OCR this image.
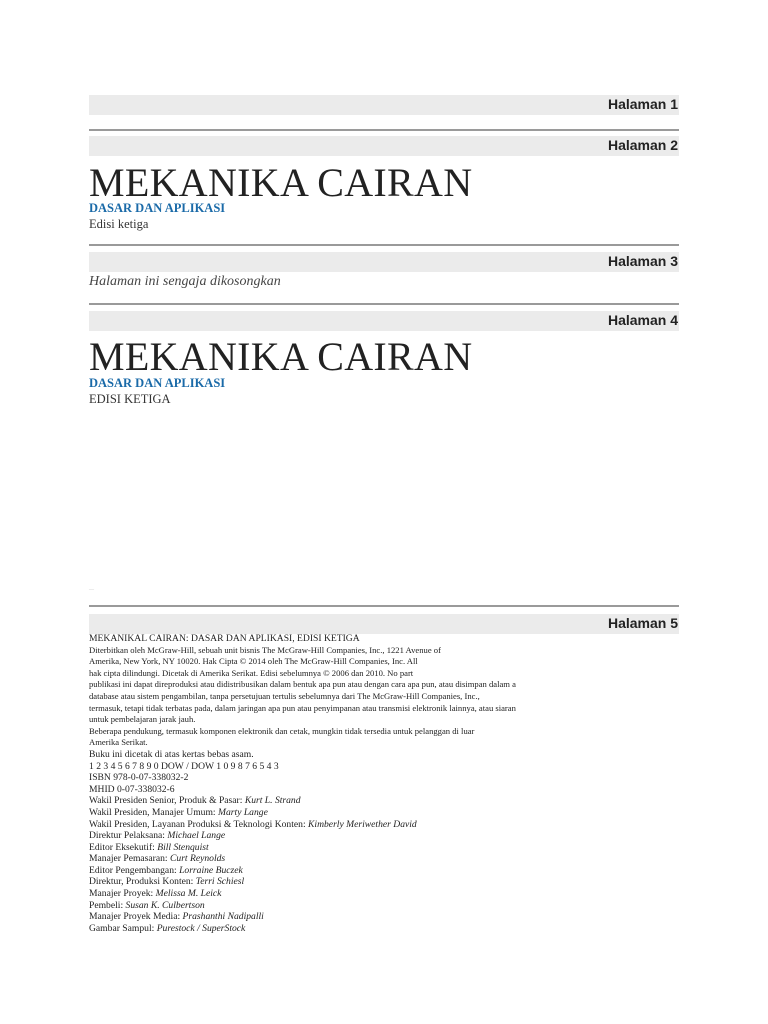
Halaman 1
Halaman 2
MEKANIKA CAIRAN
DASAR DAN APLIKASI
Edisi ketiga
Halaman 3
Halaman ini sengaja dikosongkan
Halaman 4
MEKANIKA CAIRAN
DASAR DAN APLIKASI
EDISI KETIGA
—
Halaman 5
MEKANIKAL CAIRAN: DASAR DAN APLIKASI, EDISI KETIGA
Diterbitkan oleh McGraw-Hill, sebuah unit bisnis The McGraw-Hill Companies, Inc., 1221 Avenue of
Amerika, New York, NY 10020. Hak Cipta © 2014 oleh The McGraw-Hill Companies, Inc. All
hak cipta dilindungi. Dicetak di Amerika Serikat. Edisi sebelumnya © 2006 dan 2010. No part
publikasi ini dapat direproduksi atau didistribusikan dalam bentuk apa pun atau dengan cara apa pun, atau disimpan dalam a
database atau sistem pengambilan, tanpa persetujuan tertulis sebelumnya dari The McGraw-Hill Companies, Inc.,
termasuk, tetapi tidak terbatas pada, dalam jaringan apa pun atau penyimpanan atau transmisi elektronik lainnya, atau siaran
untuk pembelajaran jarak jauh.
Beberapa pendukung, termasuk komponen elektronik dan cetak, mungkin tidak tersedia untuk pelanggan di luar
Amerika Serikat.
Buku ini dicetak di atas kertas bebas asam.
1 2 3 4 5 6 7 8 9 0 DOW / DOW 1 0 9 8 7 6 5 4 3
ISBN 978-0-07-338032-2
MHID 0-07-338032-6
Wakil Presiden Senior, Produk & Pasar: Kurt L. Strand
Wakil Presiden, Manajer Umum: Marty Lange
Wakil Presiden, Layanan Produksi & Teknologi Konten: Kimberly Meriwether David
Direktur Pelaksana: Michael Lange
Editor Eksekutif: Bill Stenquist
Manajer Pemasaran: Curt Reynolds
Editor Pengembangan: Lorraine Buczek
Direktur, Produksi Konten: Terri Schiesl
Manajer Proyek: Melissa M. Leick
Pembeli: Susan K. Culbertson
Manajer Proyek Media: Prashanthi Nadipalli
Gambar Sampul: Purestock / SuperStock
